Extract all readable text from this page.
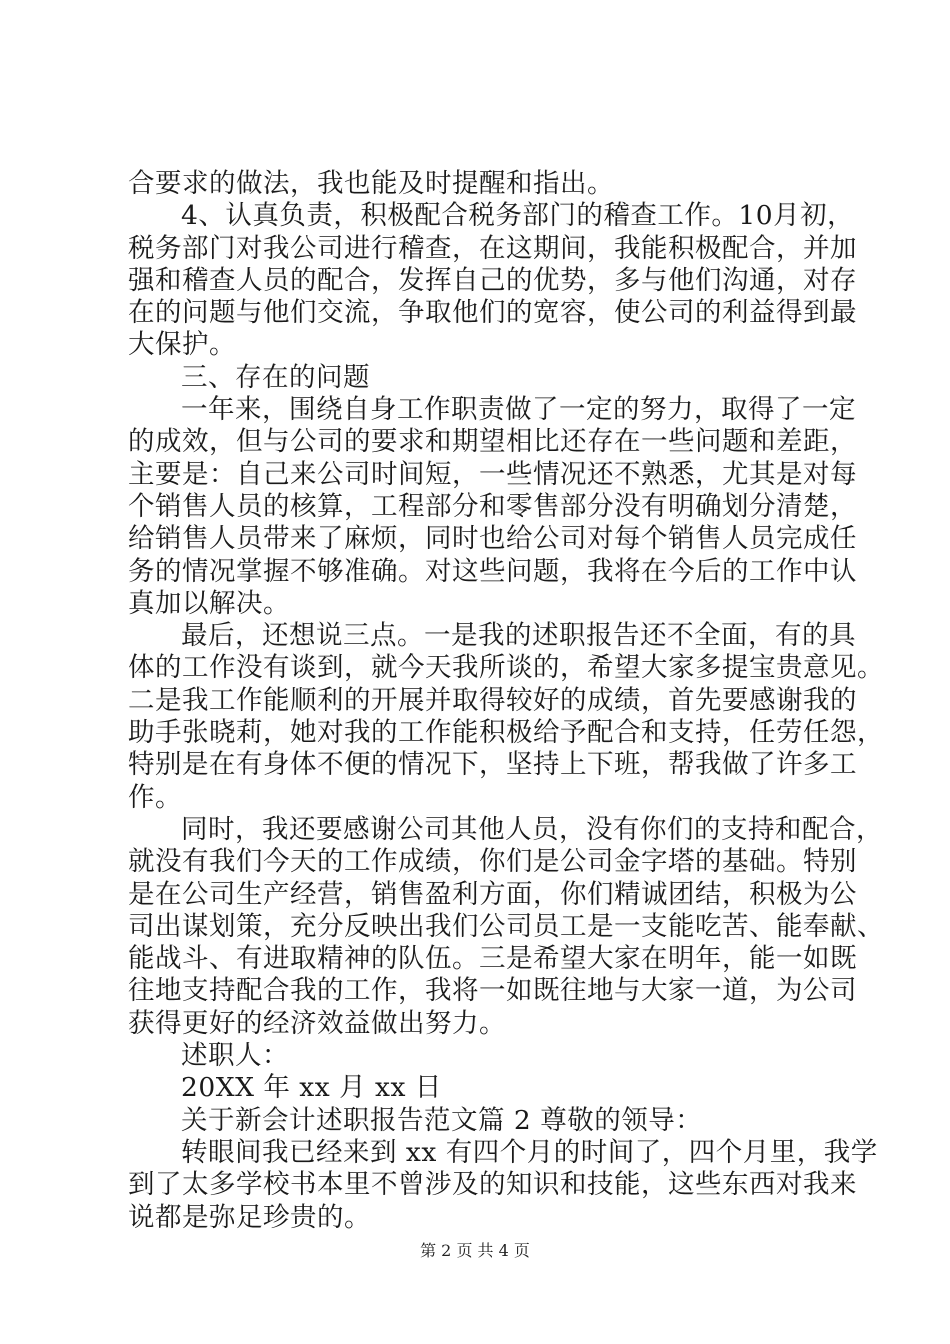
合要求的做法，我也能及时提醒和指出。
4、认真负责，积极配合税务部门的稽查工作。10月初，
税务部门对我公司进行稽查，在这期间，我能积极配合，并加
强和稽查人员的配合，发挥自己的优势，多与他们沟通，对存
在的问题与他们交流，争取他们的宽容，使公司的利益得到最
大保护。
三、存在的问题
一年来，围绕自身工作职责做了一定的努力，取得了一定
的成效，但与公司的要求和期望相比还存在一些问题和差距，
主要是：自己来公司时间短，一些情况还不熟悉，尤其是对每
个销售人员的核算，工程部分和零售部分没有明确划分清楚，
给销售人员带来了麻烦，同时也给公司对每个销售人员完成任
务的情况掌握不够准确。对这些问题，我将在今后的工作中认
真加以解决。
最后，还想说三点。一是我的述职报告还不全面，有的具
体的工作没有谈到，就今天我所谈的，希望大家多提宝贵意见。
二是我工作能顺利的开展并取得较好的成绩，首先要感谢我的
助手张晓莉，她对我的工作能积极给予配合和支持，任劳任怨，
特别是在有身体不便的情况下，坚持上下班，帮我做了许多工
作。
同时，我还要感谢公司其他人员，没有你们的支持和配合，
就没有我们今天的工作成绩，你们是公司金字塔的基础。特别
是在公司生产经营，销售盈利方面，你们精诚团结，积极为公
司出谋划策，充分反映出我们公司员工是一支能吃苦、能奉献、
能战斗、有进取精神的队伍。三是希望大家在明年，能一如既
往地支持配合我的工作，我将一如既往地与大家一道，为公司
获得更好的经济效益做出努力。
述职人：
20XX 年 xx 月 xx 日
关于新会计述职报告范文篇 2 尊敬的领导：
转眼间我已经来到 xx 有四个月的时间了，四个月里，我学
到了太多学校书本里不曾涉及的知识和技能，这些东西对我来
说都是弥足珍贵的。
第 2 页 共 4 页
